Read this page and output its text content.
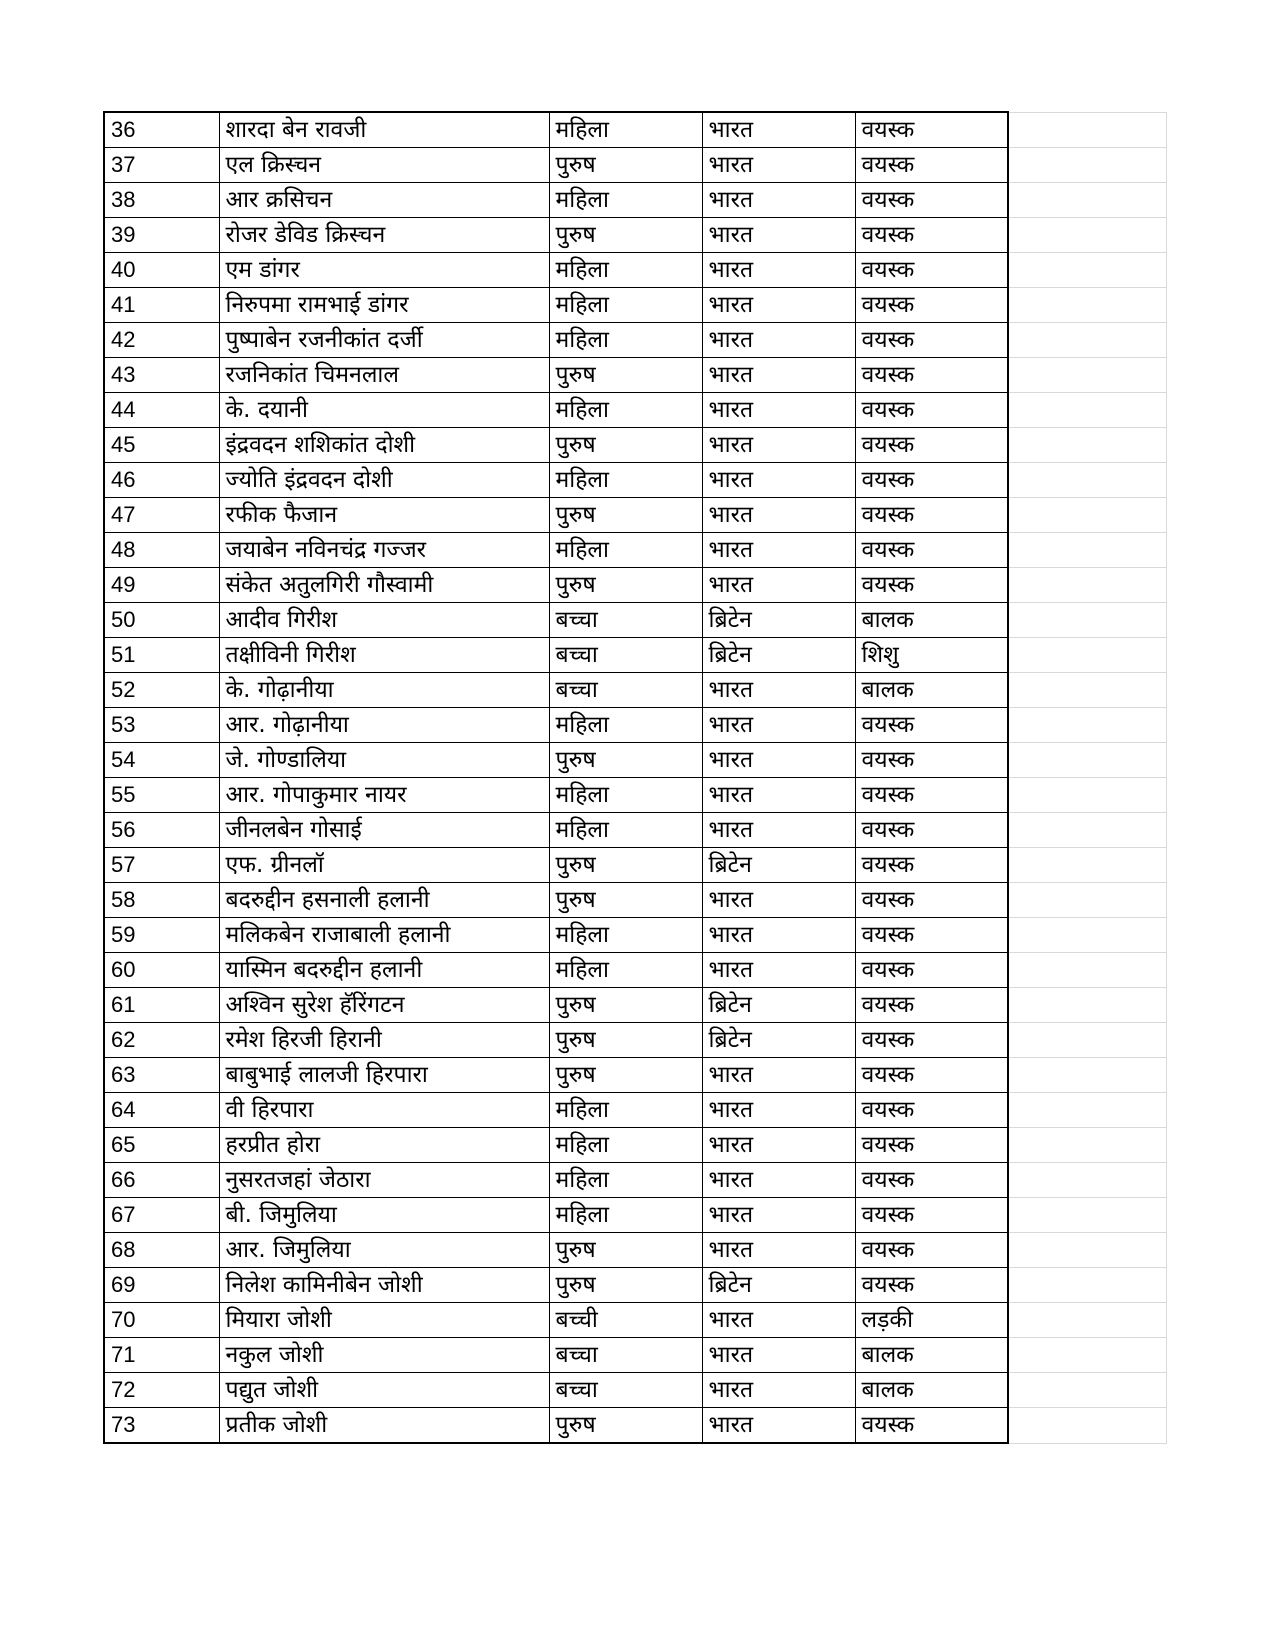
36	शारदा बेन रावजी	महिला	भारत	वयस्क	
37	एल क्रिस्चन	पुरुष	भारत	वयस्क	
38	आर क्रसिचन	महिला	भारत	वयस्क	
39	रोजर डेविड क्रिस्चन	पुरुष	भारत	वयस्क	
40	एम डांगर	महिला	भारत	वयस्क	
41	निरुपमा रामभाई डांगर	महिला	भारत	वयस्क	
42	पुष्पाबेन रजनीकांत दर्जी	महिला	भारत	वयस्क	
43	रजनिकांत चिमनलाल	पुरुष	भारत	वयस्क	
44	के. दयानी	महिला	भारत	वयस्क	
45	इंद्रवदन शशिकांत दोशी	पुरुष	भारत	वयस्क	
46	ज्योति इंद्रवदन दोशी	महिला	भारत	वयस्क	
47	रफीक फैजान	पुरुष	भारत	वयस्क	
48	जयाबेन नविनचंद्र गज्जर	महिला	भारत	वयस्क	
49	संकेत अतुलगिरी गौस्वामी	पुरुष	भारत	वयस्क	
50	आदीव गिरीश	बच्चा	ब्रिटेन	बालक	
51	तक्षीविनी गिरीश	बच्चा	ब्रिटेन	शिशु	
52	के. गोढ़ानीया	बच्चा	भारत	बालक	
53	आर. गोढ़ानीया	महिला	भारत	वयस्क	
54	जे. गोण्डालिया	पुरुष	भारत	वयस्क	
55	आर. गोपाकुमार नायर	महिला	भारत	वयस्क	
56	जीनलबेन गोसाई	महिला	भारत	वयस्क	
57	एफ. ग्रीनलॉ	पुरुष	ब्रिटेन	वयस्क	
58	बदरुद्दीन हसनाली हलानी	पुरुष	भारत	वयस्क	
59	मलिकबेन राजाबाली हलानी	महिला	भारत	वयस्क	
60	यास्मिन बदरुद्दीन हलानी	महिला	भारत	वयस्क	
61	अश्विन सुरेश हॅरिंगटन	पुरुष	ब्रिटेन	वयस्क	
62	रमेश हिरजी हिरानी	पुरुष	ब्रिटेन	वयस्क	
63	बाबुभाई लालजी हिरपारा	पुरुष	भारत	वयस्क	
64	वी हिरपारा	महिला	भारत	वयस्क	
65	हरप्रीत होरा	महिला	भारत	वयस्क	
66	नुसरतजहां जेठारा	महिला	भारत	वयस्क	
67	बी. जिमुलिया	महिला	भारत	वयस्क	
68	आर. जिमुलिया	पुरुष	भारत	वयस्क	
69	निलेश कामिनीबेन जोशी	पुरुष	ब्रिटेन	वयस्क	
70	मियारा जोशी	बच्ची	भारत	लड़की	
71	नकुल जोशी	बच्चा	भारत	बालक	
72	पद्युत जोशी	बच्चा	भारत	बालक	
73	प्रतीक जोशी	पुरुष	भारत	वयस्क	
